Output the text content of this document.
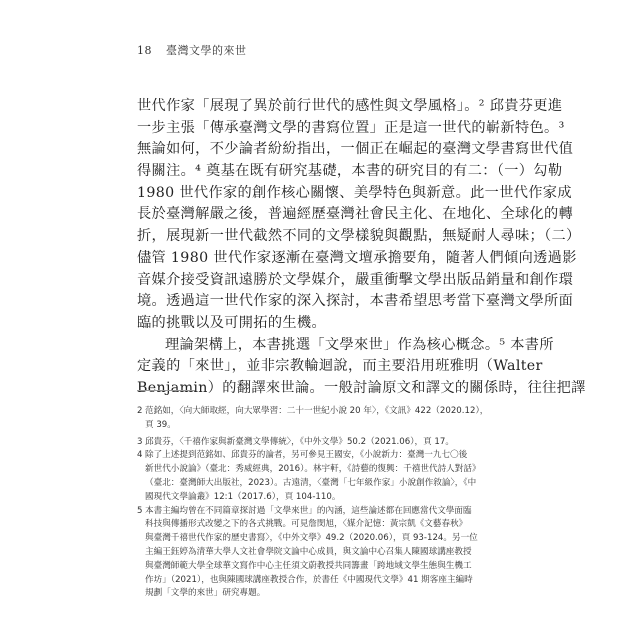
18 臺灣文學的來世
世代作家「展現了異於前行世代的感性與文學風格」。² 邱貴芬更進
一步主張「傳承臺灣文學的書寫位置」正是這一世代的嶄新特色。³
無論如何，不少論者紛紛指出，一個正在崛起的臺灣文學書寫世代值
得關注。⁴ 奠基在既有研究基礎，本書的研究目的有二：（一）勾勒
1980 世代作家的創作核心關懷、美學特色與新意。此一世代作家成
長於臺灣解嚴之後，普遍經歷臺灣社會民主化、在地化、全球化的轉
折，展現新一世代截然不同的文學樣貌與觀點，無疑耐人尋味；（二）
儘管 1980 世代作家逐漸在臺灣文壇承擔要角，隨著人們傾向透過影
音媒介接受資訊遠勝於文學媒介，嚴重衝擊文學出版品銷量和創作環
境。透過這一世代作家的深入探討，本書希望思考當下臺灣文學所面
臨的挑戰以及可開拓的生機。
理論架構上，本書挑選「文學來世」作為核心概念。⁵ 本書所
定義的「來世」，並非宗教輪迴說，而主要沿用班雅明（Walter
Benjamin）的翻譯來世論。一般討論原文和譯文的關係時，往往把譯
2 范銘如，〈向大師取經，向大眾學習：二十一世紀小說 20 年〉，《文訊》422（2020.12），
頁 39。
3 邱貴芬，〈千禧作家與新臺灣文學傳統〉，《中外文學》50.2（2021.06），頁 17。
4 除了上述提到范銘如、邱貴芬的論者，另可參見王國安，《小說新力：臺灣一九七〇後
新世代小說論》（臺北：秀威經典，2016）。林宇軒，《詩藝的復興：千禧世代詩人對話》
（臺北：臺灣師大出版社，2023）。古遠清，〈臺灣「七年級作家」小說創作敘論〉，《中
國現代文學論叢》12:1（2017.6），頁 104-110。
5 本書主編均曾在不同篇章探討過「文學來世」的內涵，這些論述都在回應當代文學面臨
科技與傳播形式改變之下的各式挑戰。可見詹閔旭，〈媒介記憶：黃宗凱《文藝春秋》
與臺灣千禧世代作家的歷史書寫〉，《中外文學》49.2（2020.06），頁 93-124。另一位
主編王鈺婷為清華大學人文社會學院文論中心成員，與文論中心召集人陳國球講座教授
與臺灣師範大學全球華文寫作中心主任須文蔚教授共同籌畫「跨地域文學生態與生機工
作坊」（2021），也與陳國球講座教授合作，於書任《中國現代文學》41 期客座主編時
規劃「文學的來世」研究專題。
